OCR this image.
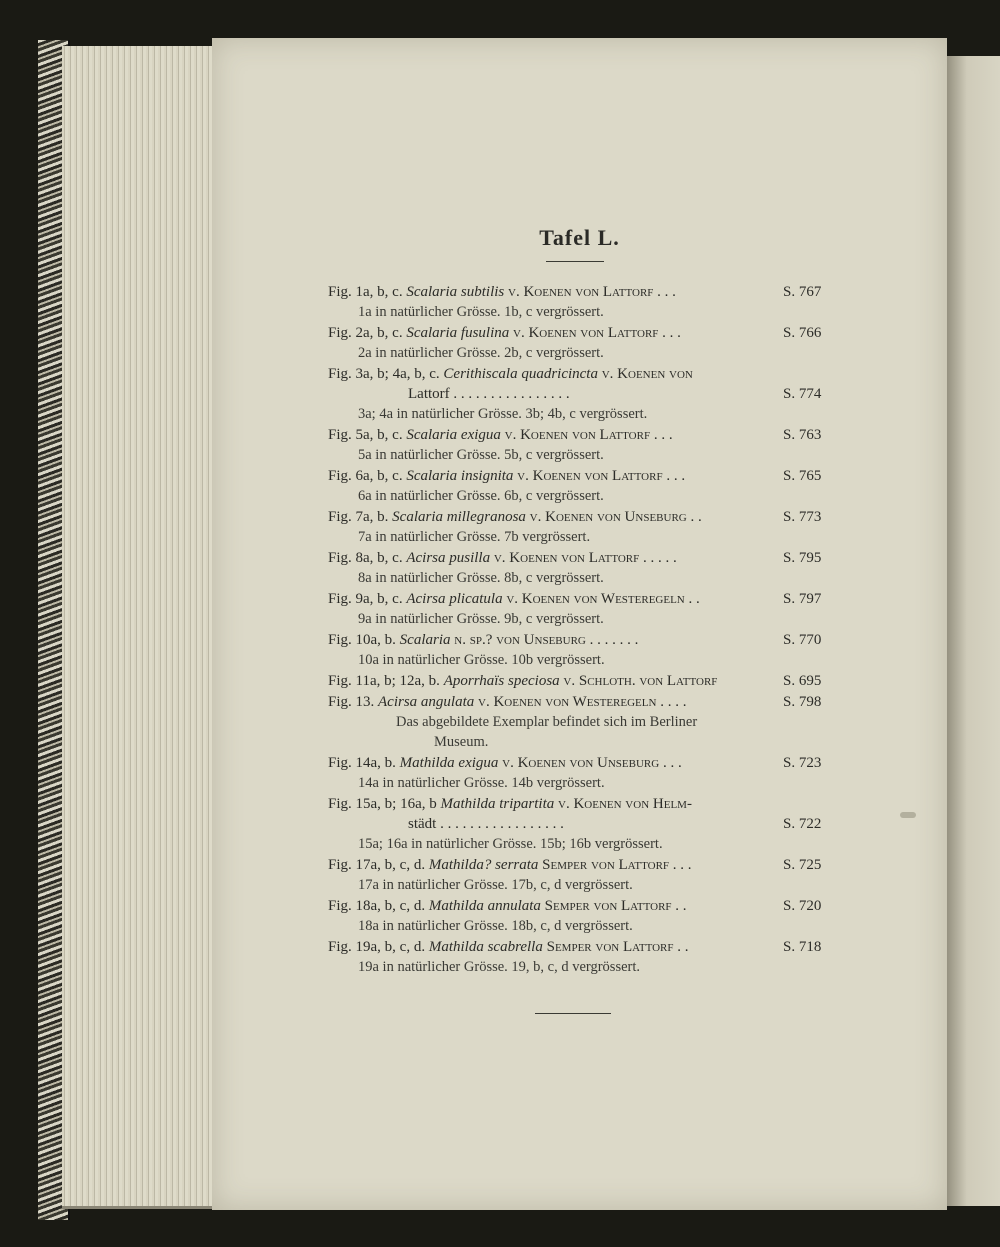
Tafel L.
Fig. 1a, b, c. Scalaria subtilis v. Koenen von Lattorf . . .	S. 767
1a in natürlicher Grösse. 1b, c vergrössert.
Fig. 2a, b, c. Scalaria fusulina v. Koenen von Lattorf . . .	S. 766
2a in natürlicher Grösse. 2b, c vergrössert.
Fig. 3a, b; 4a, b, c. Cerithiscala quadricincta v. Koenen von
Lattorf . . . . . . . . . . . . . . . .	S. 774
3a; 4a in natürlicher Grösse. 3b; 4b, c vergrössert.
Fig. 5a, b, c. Scalaria exigua v. Koenen von Lattorf . . .	S. 763
5a in natürlicher Grösse. 5b, c vergrössert.
Fig. 6a, b, c. Scalaria insignita v. Koenen von Lattorf . . .	S. 765
6a in natürlicher Grösse. 6b, c vergrössert.
Fig. 7a, b. Scalaria millegranosa v. Koenen von Unseburg . .	S. 773
7a in natürlicher Grösse. 7b vergrössert.
Fig. 8a, b, c. Acirsa pusilla v. Koenen von Lattorf . . . . .	S. 795
8a in natürlicher Grösse. 8b, c vergrössert.
Fig. 9a, b, c. Acirsa plicatula v. Koenen von Westeregeln . .	S. 797
9a in natürlicher Grösse. 9b, c vergrössert.
Fig. 10a, b. Scalaria n. sp.? von Unseburg . . . . . . .	S. 770
10a in natürlicher Grösse. 10b vergrössert.
Fig. 11a, b; 12a, b. Aporrhaïs speciosa v. Schloth. von Lattorf	S. 695
Fig. 13. Acirsa angulata v. Koenen von Westeregeln . . . .	S. 798
Das abgebildete Exemplar befindet sich im Berliner
Museum.
Fig. 14a, b. Mathilda exigua v. Koenen von Unseburg . . .	S. 723
14a in natürlicher Grösse. 14b vergrössert.
Fig. 15a, b; 16a, b Mathilda tripartita v. Koenen von Helm-
städt . . . . . . . . . . . . . . . . .	S. 722
15a; 16a in natürlicher Grösse. 15b; 16b vergrössert.
Fig. 17a, b, c, d. Mathilda? serrata Semper von Lattorf . . .	S. 725
17a in natürlicher Grösse. 17b, c, d vergrössert.
Fig. 18a, b, c, d. Mathilda annulata Semper von Lattorf . .	S. 720
18a in natürlicher Grösse. 18b, c, d vergrössert.
Fig. 19a, b, c, d. Mathilda scabrella Semper von Lattorf . .	S. 718
19a in natürlicher Grösse. 19, b, c, d vergrössert.
